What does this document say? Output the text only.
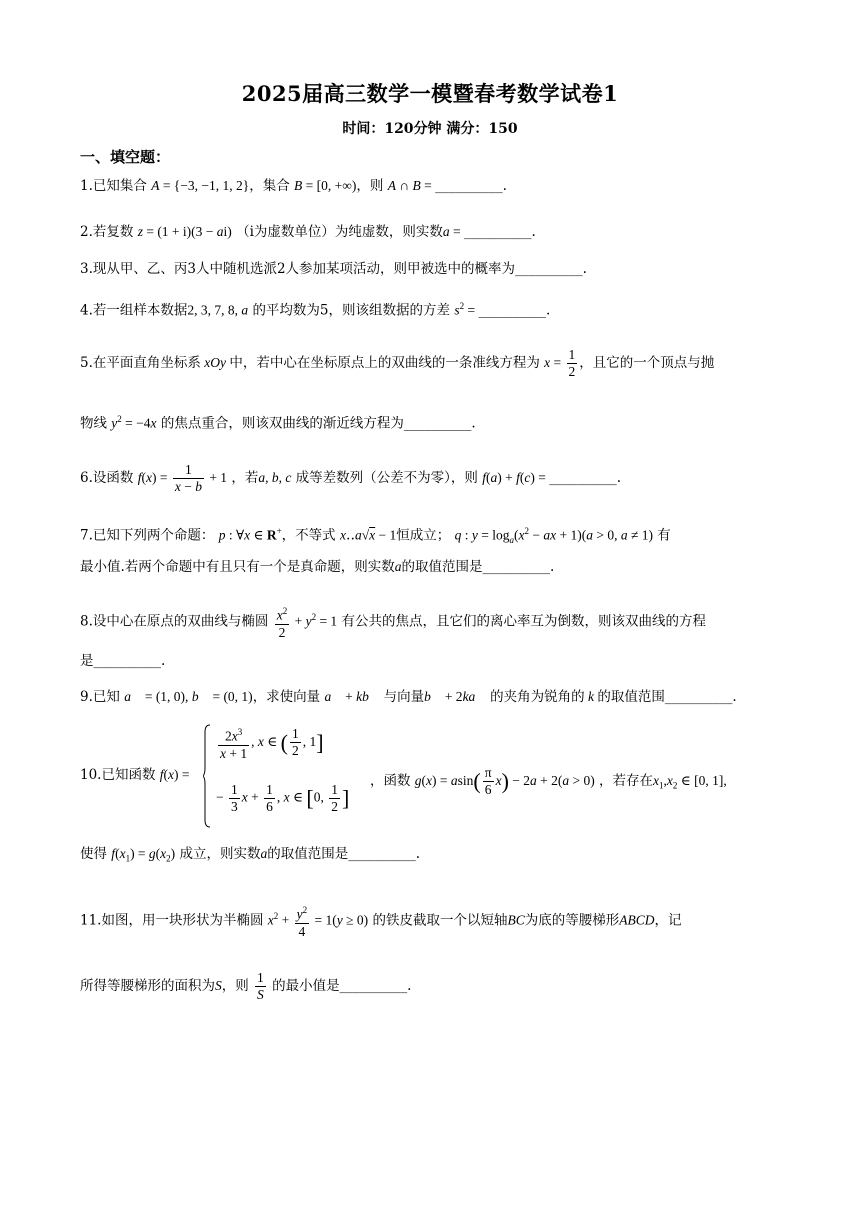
2025届高三数学一模暨春考数学试卷1
时间：120分钟 满分：150
一、填空题：
1.已知集合 A = {−3, −1, 1, 2}，集合 B = [0, +∞)，则 A ∩ B = __________.
2.若复数 z = (1 + i)(3 − ai) （i为虚数单位）为纯虚数，则实数a = __________.
3.现从甲、乙、丙3人中随机选派2人参加某项活动，则甲被选中的概率为__________.
4.若一组样本数据2, 3, 7, 8, a 的平均数为5，则该组数据的方差 $s^2$ = __________.
5.在平面直角坐标系 xOy 中，若中心在坐标原点上的双曲线的一条准线方程为 $x = \frac{1}{2}$ ，且它的一个顶点与抛
物线 $y^2 = -4x$ 的焦点重合，则该双曲线的渐近线方程为__________.
6.设函数 $f(x) = \frac{1}{x - b} + 1$ ，若a, b, c 成等差数列（公差不为零），则 f(a) + f(c) = __________.
7.已知下列两个命题： p : ∀x ∈ R+，不等式 x‥a√x − 1恒成立； q : $y = \log_a(x^2$ − ax + 1)(a > 0, a ≠ 1) 有
最小值.若两个命题中有且只有一个是真命题，则实数a的取值范围是__________.
8.设中心在原点的双曲线与椭圆 $\frac{x^2}{2} + y^2 = 1$ 有公共的焦点，且它们的离心率互为倒数，则该双曲线的方程
是__________.
9.已知 a⃗ = (1, 0), b⃗ = (0, 1)，求使向量 a⃗ + kb⃗ 与向量b⃗ + 2ka⃗ 的夹角为锐角的 k 的取值范围__________.
10.已知函数 f(x) =
$\frac{2x^3}{x + 1}$ , x ∈ ( $\frac{1}{2}$ , 1]
− $\frac{1}{3}$ $x + \frac{1}{6}$ , x ∈ [0, $\frac{1}{2}$ ]
，函数 $g(x) = asin( \frac{\pi}{6} x) - 2a + 2(a > 0)$ ，若存在$x_1,x_2$ ∈ [0, 1],
使得 $f(x_1) = g(x_2)$ 成立，则实数a的取值范围是__________.
11.如图，用一块形状为半椭圆 $x^2 + \frac{y^2}{4} = 1(y \ge 0)$ 的铁皮截取一个以短轴BC为底的等腰梯形ABCD，记
所得等腰梯形的面积为S，则 $\frac{1}{S}$ 的最小值是__________.
